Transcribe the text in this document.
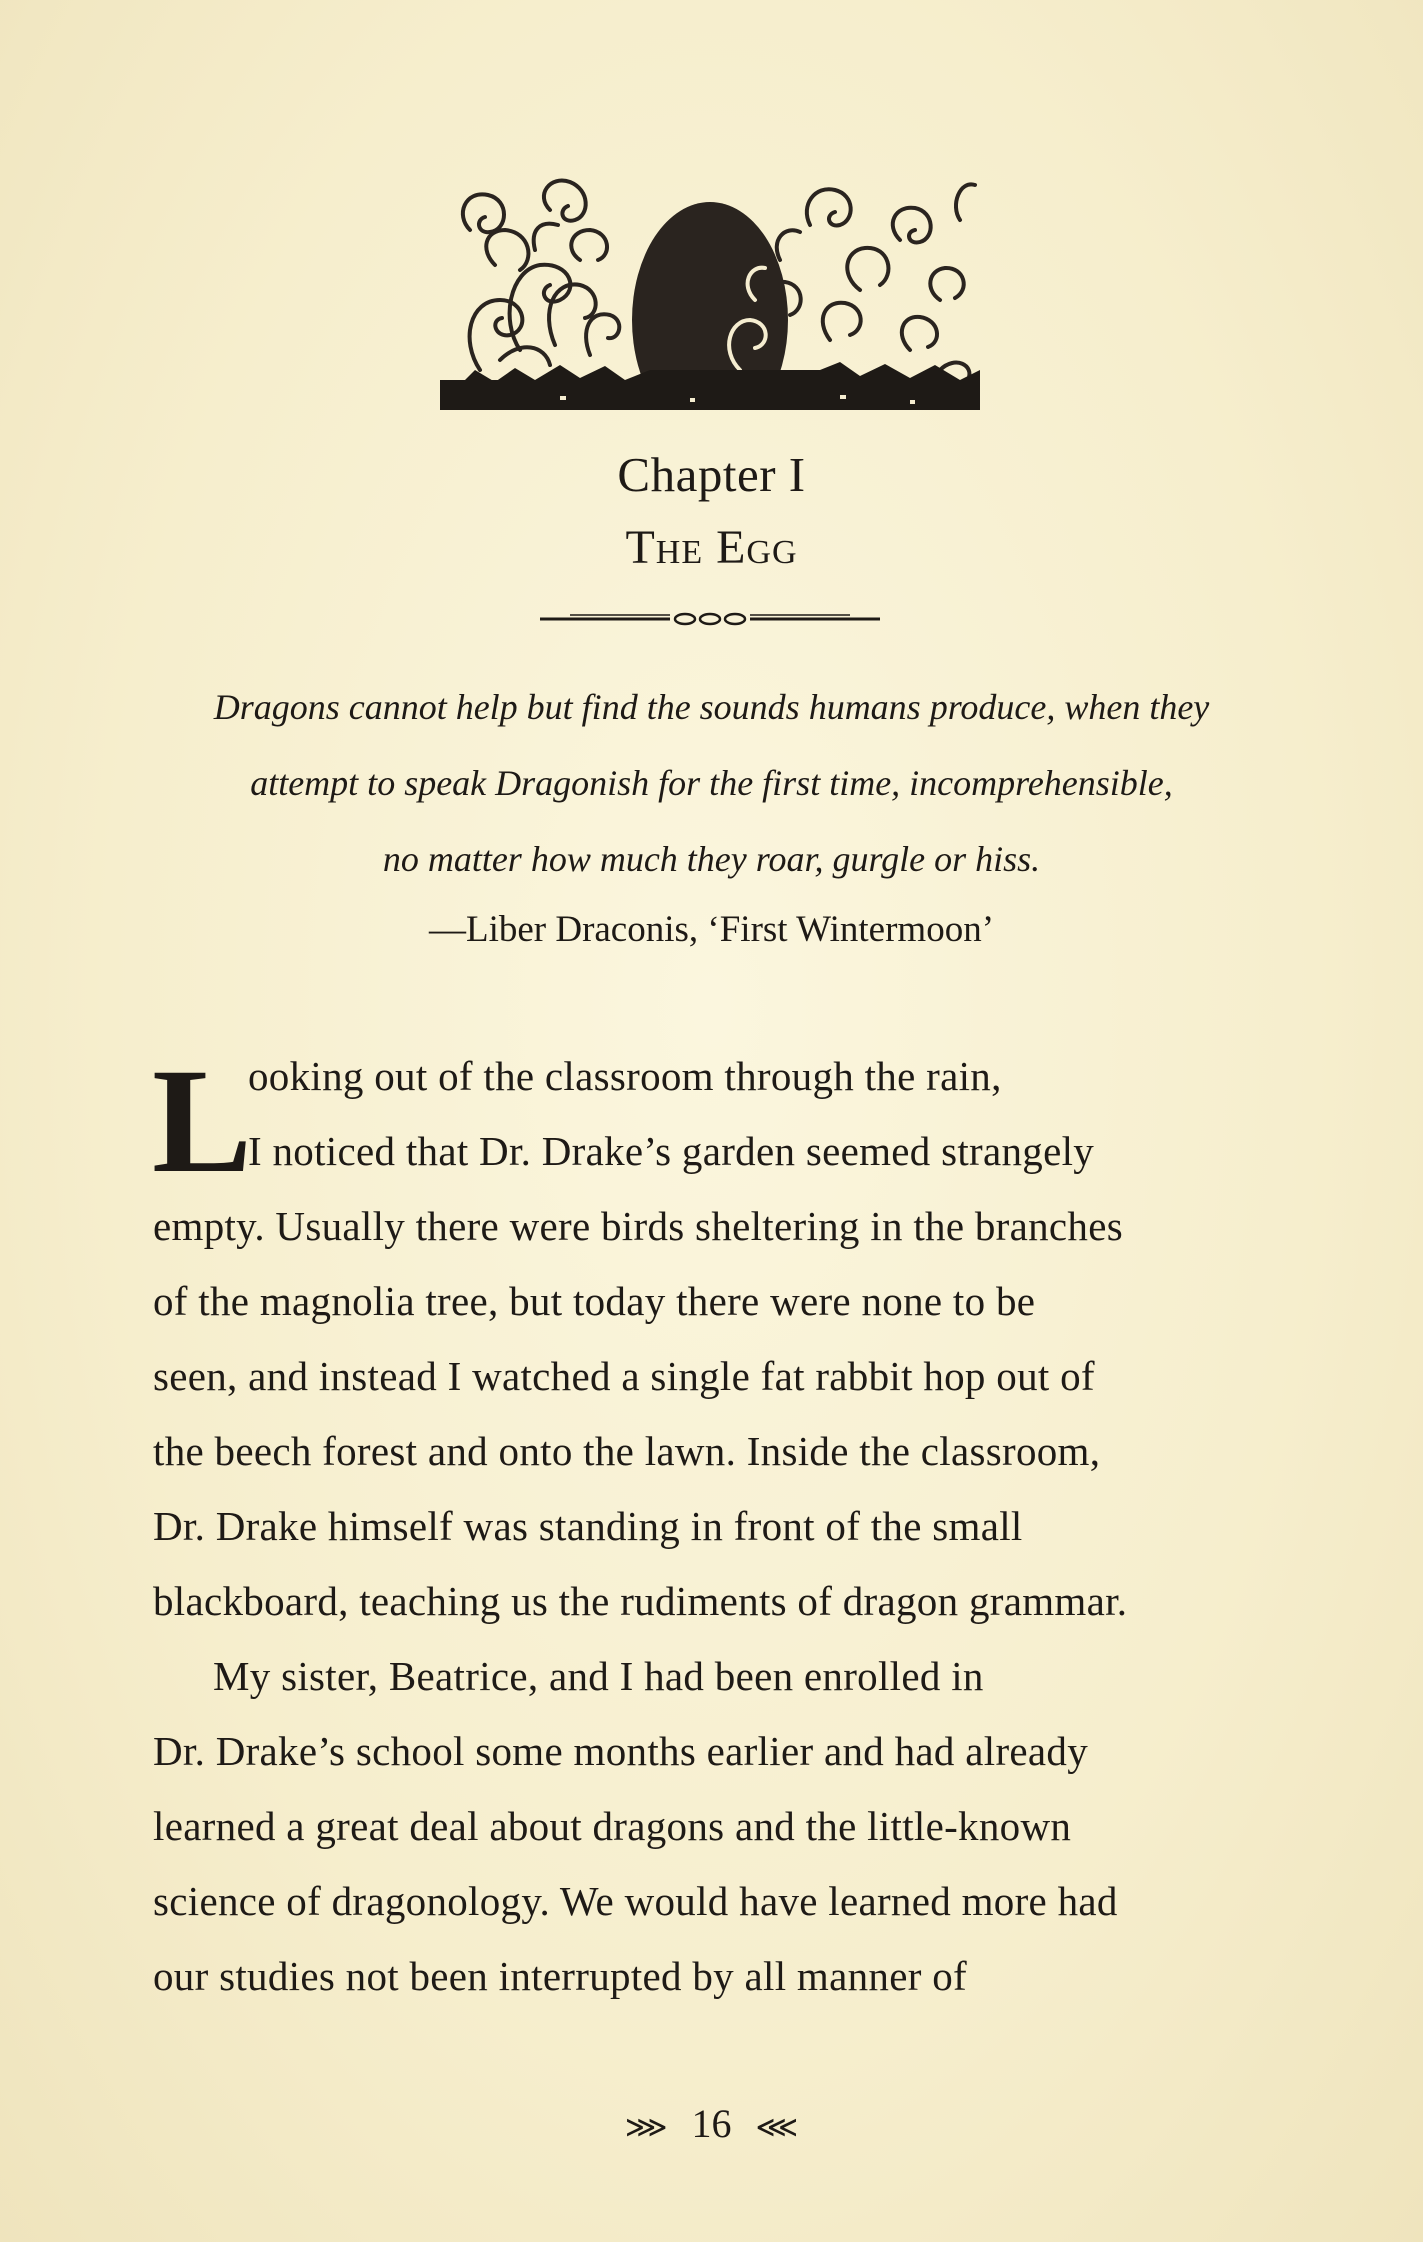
Chapter I
The Egg
Dragons cannot help but find the sounds humans produce, when they
attempt to speak Dragonish for the first time, incomprehensible,
no matter how much they roar, gurgle or hiss.
—Liber Draconis, ‘First Wintermoon’
L
ooking out of the classroom through the rain,
I noticed that Dr. Drake’s garden seemed strangely
empty. Usually there were birds sheltering in the branches
of the magnolia tree, but today there were none to be
seen, and instead I watched a single fat rabbit hop out of
the beech forest and onto the lawn. Inside the classroom,
Dr. Drake himself was standing in front of the small
blackboard, teaching us the rudiments of dragon grammar.
My sister, Beatrice, and I had been enrolled in
Dr. Drake’s school some months earlier and had already
learned a great deal about dragons and the little-known
science of dragonology. We would have learned more had
our studies not been interrupted by all manner of
⋙ 16 ⋘
